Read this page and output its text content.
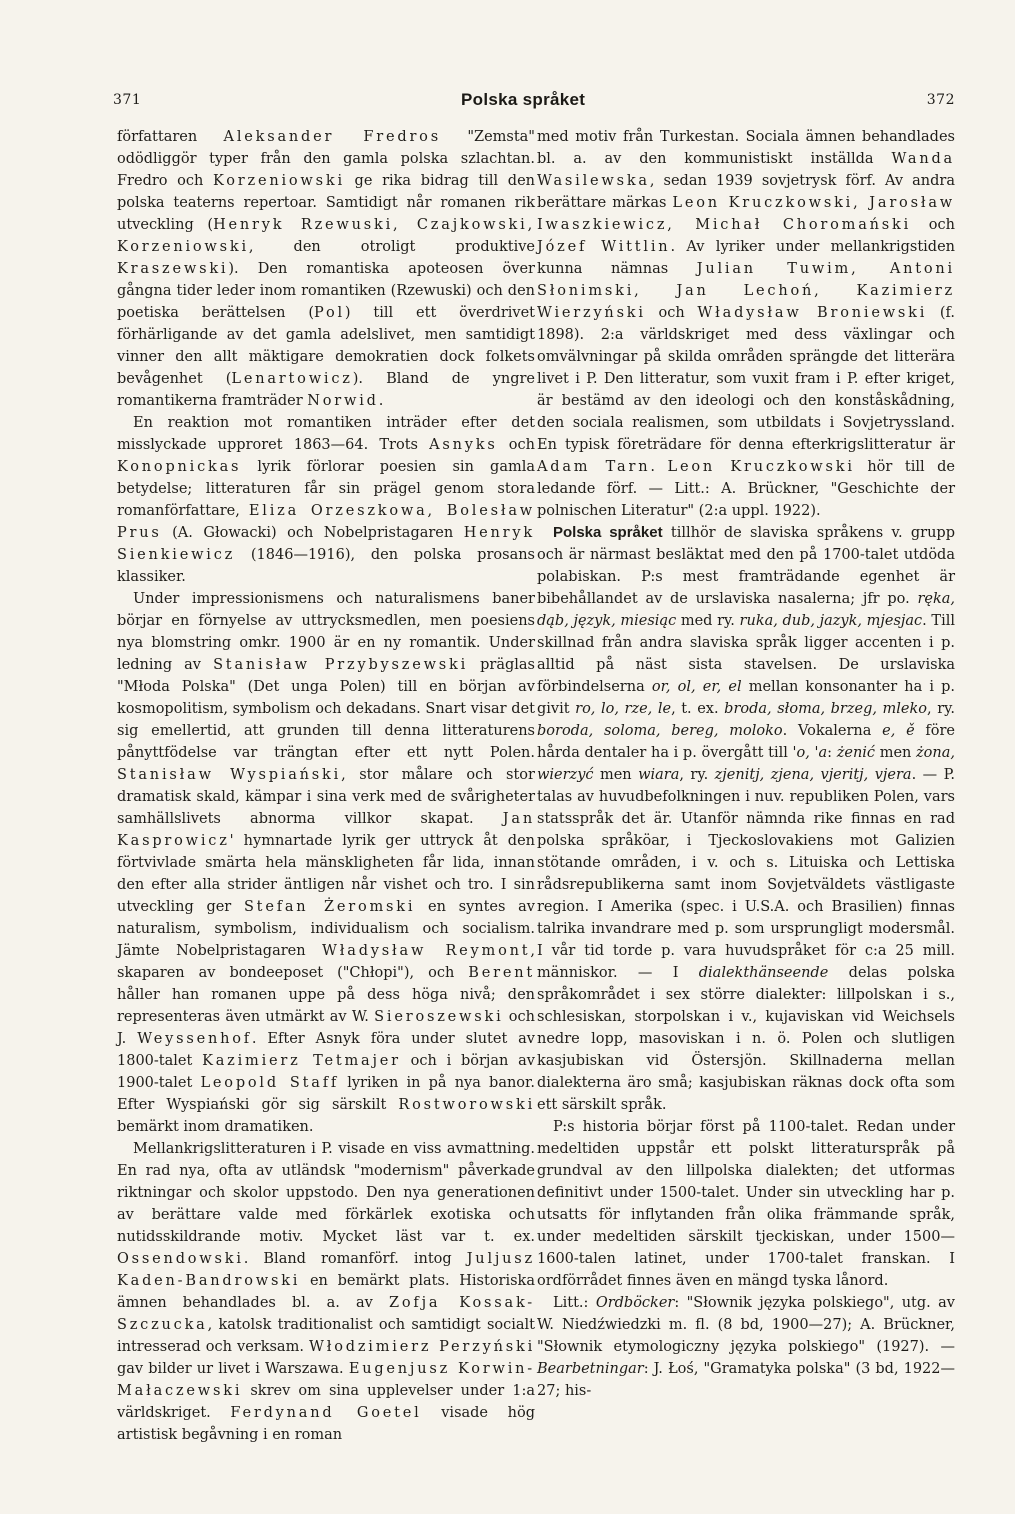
371	Polska språket	372

författaren Aleksander Fredros "Zemsta" odödliggör typer från den gamla polska szlachtan. Fredro och Korzeniowski ge rika bidrag till den polska teaterns repertoar. Samtidigt når romanen rik utveckling (Henryk Rzewuski, Czajkowski, Korzeniowski, den otroligt produktive Kraszewski). Den romantiska apoteosen över gångna tider leder inom romantiken (Rzewuski) och den poetiska berättelsen (Pol) till ett överdrivet förhärligande av det gamla adelslivet, men samtidigt vinner den allt mäktigare demokratien dock folkets bevågenhet (Lenartowicz). Bland de yngre romantikerna framträder Norwid.

En reaktion mot romantiken inträder efter det misslyckade upproret 1863—64. Trots Asnyks och Konopnickas lyrik förlorar poesien sin gamla betydelse; litteraturen får sin prägel genom stora romanförfattare, Eliza Orzeszkowa, Bolesław Prus (A. Głowacki) och Nobelpristagaren Henryk Sienkiewicz (1846—1916), den polska prosans klassiker.

Under impressionismens och naturalismens baner börjar en förnyelse av uttrycksmedlen, men poesiens nya blomstring omkr. 1900 är en ny romantik. Under ledning av Stanisław Przybyszewski präglas "Młoda Polska" (Det unga Polen) till en början av kosmopolitism, symbolism och dekadans. Snart visar det sig emellertid, att grunden till denna litteraturens pånyttfödelse var trängtan efter ett nytt Polen. Stanisław Wyspiański, stor målare och stor dramatisk skald, kämpar i sina verk med de svårigheter samhällslivets abnorma villkor skapat. Jan Kasprowicz' hymnartade lyrik ger uttryck åt den förtvivlade smärta hela mänskligheten får lida, innan den efter alla strider äntligen når vishet och tro. I sin utveckling ger Stefan Żeromski en syntes av naturalism, symbolism, individualism och socialism. Jämte Nobelpristagaren Władysław Reymont, skaparen av bondeeposet ("Chłopi"), och Berent håller han romanen uppe på dess höga nivå; den representeras även utmärkt av W. Sieroszewski och J. Weyssenhof. Efter Asnyk föra under slutet av 1800-talet Kazimierz Tetmajer och i början av 1900-talet Leopold Staff lyriken in på nya banor. Efter Wyspiański gör sig särskilt Rostworowski bemärkt inom dramatiken.

Mellankrigslitteraturen i P. visade en viss avmattning. En rad nya, ofta av utländsk "modernism" påverkade riktningar och skolor uppstodo. Den nya generationen av berättare valde med förkärlek exotiska och nutidsskildrande motiv. Mycket läst var t. ex. Ossendowski. Bland romanförf. intog Juljusz Kaden-Bandrowski en bemärkt plats. Historiska ämnen behandlades bl. a. av Zofja Kossak-Szczucka, katolsk traditionalist och samtidigt socialt intresserad och verksam. Włodzimierz Perzyński gav bilder ur livet i Warszawa. Eugenjusz Korwin-Małaczewski skrev om sina upplevelser under 1:a världskriget. Ferdynand Goetel visade hög artistisk begåvning i en roman

med motiv från Turkestan. Sociala ämnen behandlades bl. a. av den kommunistiskt inställda Wanda Wasilewska, sedan 1939 sovjetrysk förf. Av andra berättare märkas Leon Kruczkowski, Jarosław Iwaszkiewicz, Michał Choromański och Józef Wittlin. Av lyriker under mellankrigstiden kunna nämnas Julian Tuwim, Antoni Słonimski, Jan Lechoń, Kazimierz Wierzyński och Władysław Broniewski (f. 1898). 2:a världskriget med dess växlingar och omvälvningar på skilda områden sprängde det litterära livet i P. Den litteratur, som vuxit fram i P. efter kriget, är bestämd av den ideologi och den konståskådning, den sociala realismen, som utbildats i Sovjetryssland. En typisk företrädare för denna efterkrigslitteratur är Adam Tarn. Leon Kruczkowski hör till de ledande förf. — Litt.: A. Brückner, "Geschichte der polnischen Literatur" (2:a uppl. 1922).

Polska språket tillhör de slaviska språkens v. grupp och är närmast besläktat med den på 1700-talet utdöda polabiskan. P:s mest framträdande egenhet är bibehållandet av de urslaviska nasalerna; jfr po. ręka, dąb, język, miesiąc med ry. ruka, dub, jazyk, mjesjac. Till skillnad från andra slaviska språk ligger accenten i p. alltid på näst sista stavelsen. De urslaviska förbindelserna or, ol, er, el mellan konsonanter ha i p. givit ro, lo, rze, le, t. ex. broda, słoma, brzeg, mleko, ry. boroda, soloma, bereg, moloko. Vokalerna e, ě före hårda dentaler ha i p. övergått till 'o, 'a: żenić men żona, wierzyć men wiara, ry. zjenitj, zjena, vjeritj, vjera. — P. talas av huvudbefolkningen i nuv. republiken Polen, vars statsspråk det är. Utanför nämnda rike finnas en rad polska språköar, i Tjeckoslovakiens mot Galizien stötande områden, i v. och s. Lituiska och Lettiska rådsrepublikerna samt inom Sovjetväldets västligaste region. I Amerika (spec. i U.S.A. och Brasilien) finnas talrika invandrare med p. som ursprungligt modersmål. I vår tid torde p. vara huvudspråket för c:a 25 mill. människor. — I dialekthänseende delas polska språkområdet i sex större dialekter: lillpolskan i s., schlesiskan, storpolskan i v., kujaviskan vid Weichsels nedre lopp, masoviskan i n. ö. Polen och slutligen kasjubiskan vid Östersjön. Skillnaderna mellan dialekterna äro små; kasjubiskan räknas dock ofta som ett särskilt språk.

P:s historia börjar först på 1100-talet. Redan under medeltiden uppstår ett polskt litteraturspråk på grundval av den lillpolska dialekten; det utformas definitivt under 1500-talet. Under sin utveckling har p. utsatts för inflytanden från olika främmande språk, under medeltiden särskilt tjeckiskan, under 1500—1600-talen latinet, under 1700-talet franskan. I ordförrådet finnes även en mängd tyska lånord.

Litt.: Ordböcker: "Słownik języka polskiego", utg. av W. Niedźwiedzki m. fl. (8 bd, 1900—27); A. Brückner, "Słownik etymologiczny języka polskiego" (1927). — Bearbetningar: J. Łoś, "Gramatyka polska" (3 bd, 1922—27; his-
